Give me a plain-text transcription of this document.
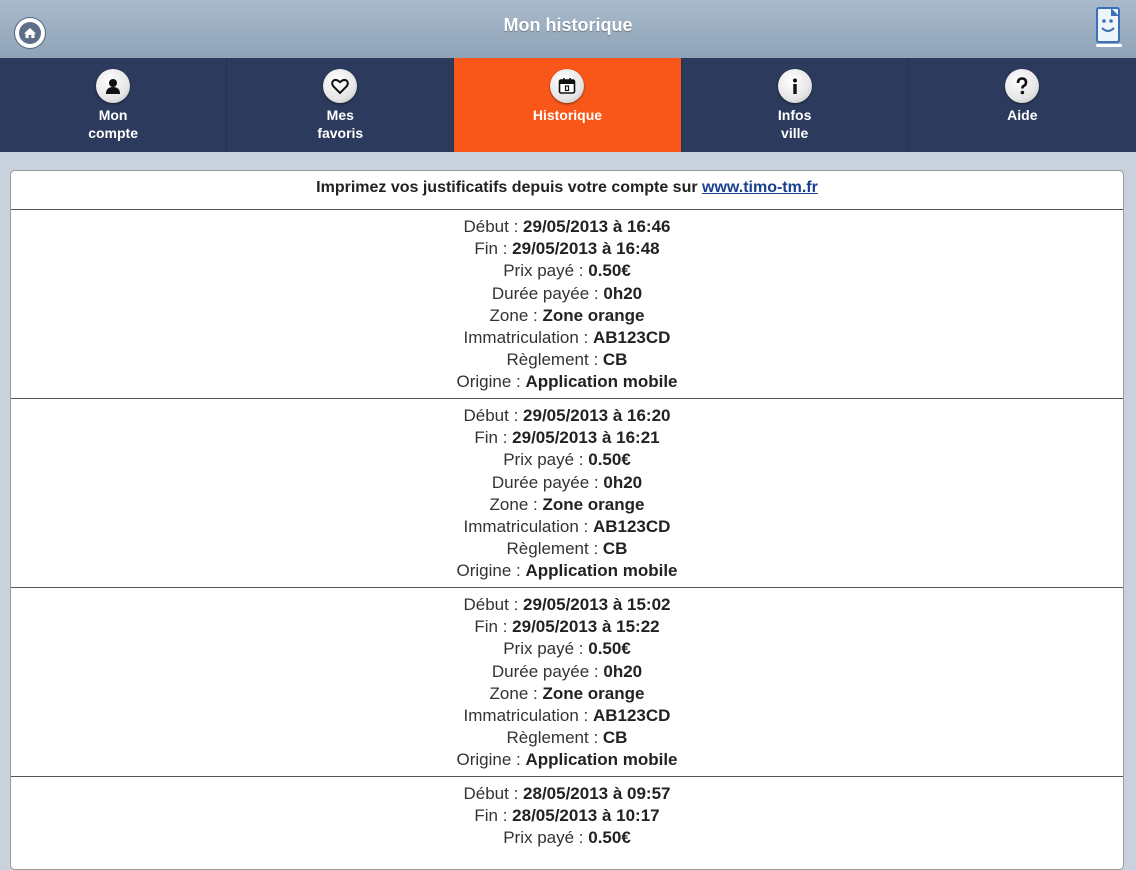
Mon historique
Mon
compte
Mes
favoris
Historique	Infos
ville
Aide
Imprimez vos justificatifs depuis votre compte sur www.timo-tm.fr
Début : 29/05/2013 à 16:46
Fin : 29/05/2013 à 16:48
Prix payé : 0.50€
Durée payée : 0h20
Zone : Zone orange
Immatriculation : AB123CD
Règlement : CB
Origine : Application mobile
Début : 29/05/2013 à 16:20
Fin : 29/05/2013 à 16:21
Prix payé : 0.50€
Durée payée : 0h20
Zone : Zone orange
Immatriculation : AB123CD
Règlement : CB
Origine : Application mobile
Début : 29/05/2013 à 15:02
Fin : 29/05/2013 à 15:22
Prix payé : 0.50€
Durée payée : 0h20
Zone : Zone orange
Immatriculation : AB123CD
Règlement : CB
Origine : Application mobile
Début : 28/05/2013 à 09:57
Fin : 28/05/2013 à 10:17
Prix payé : 0.50€
